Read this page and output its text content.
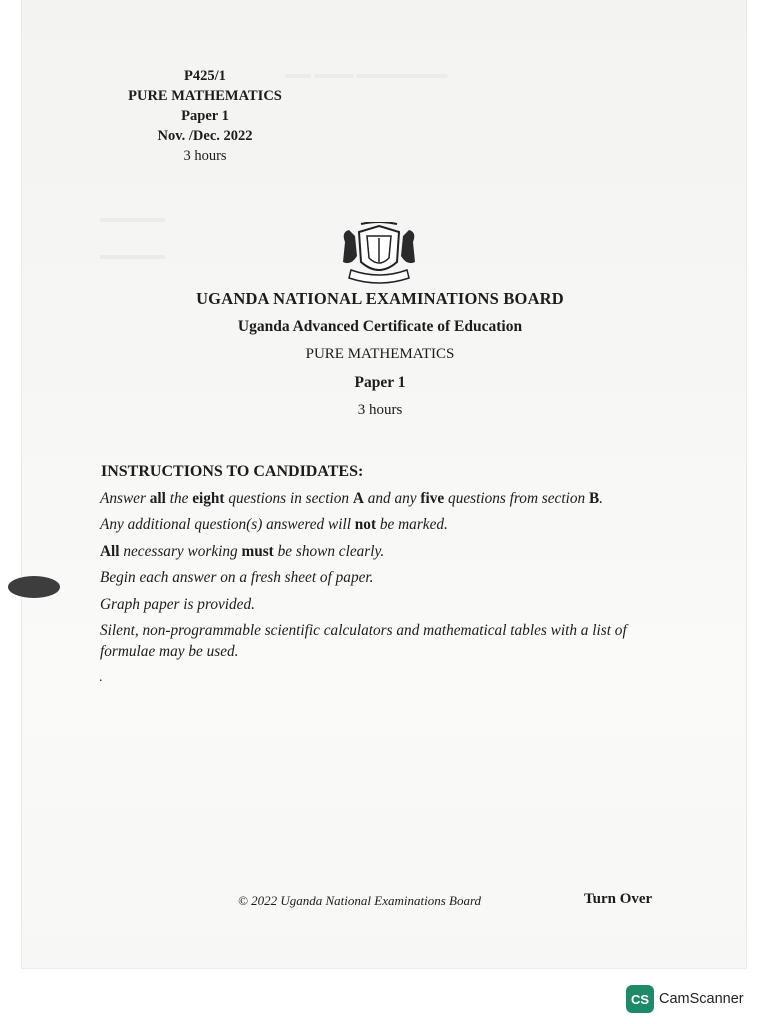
▬▬ ▬▬▬ ▬▬▬▬▬▬▬
▬▬▬▬▬
▬▬▬▬▬
P425/1
PURE MATHEMATICS
Paper 1
Nov. /Dec. 2022
3 hours
UGANDA NATIONAL EXAMINATIONS BOARD
Uganda Advanced Certificate of Education
PURE MATHEMATICS
Paper 1
3 hours
INSTRUCTIONS TO CANDIDATES:
Answer all the eight questions in section A and any five questions from section B.
Any additional question(s) answered will not be marked.
All necessary working must be shown clearly.
Begin each answer on a fresh sheet of paper.
Graph paper is provided.
Silent, non-programmable scientific calculators and mathematical tables with a list of formulae may be used.
.
© 2022 Uganda National Examinations Board	Turn Over
CS CamScanner
